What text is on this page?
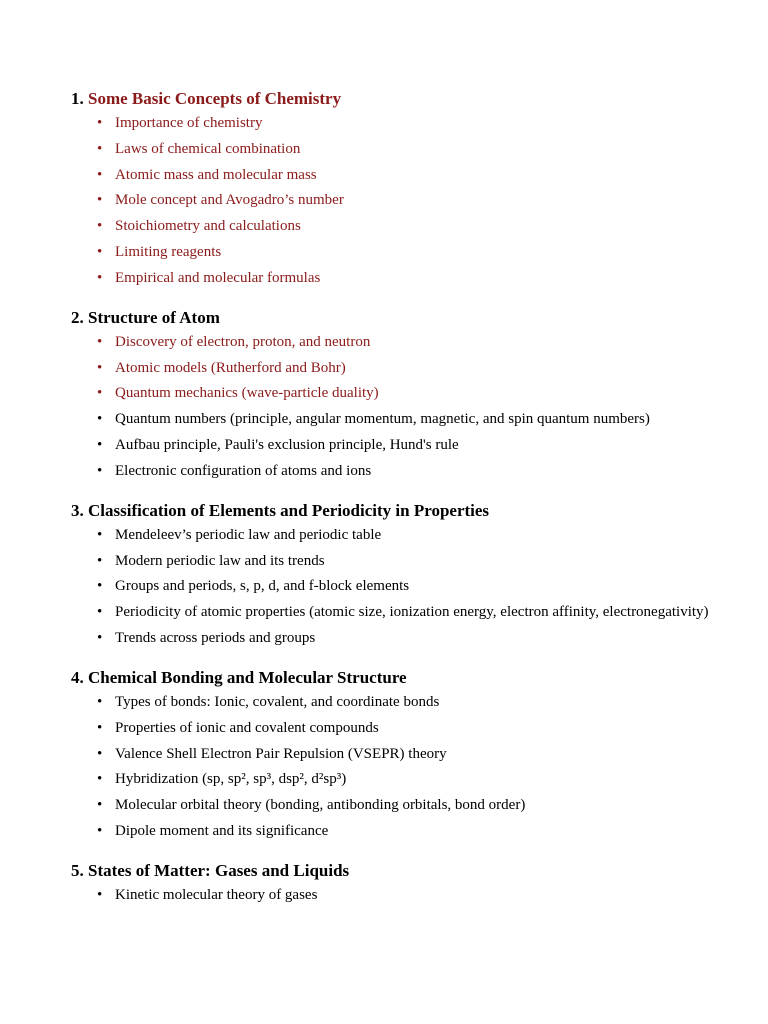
1. Some Basic Concepts of Chemistry
• Importance of chemistry
• Laws of chemical combination
• Atomic mass and molecular mass
• Mole concept and Avogadro’s number
• Stoichiometry and calculations
• Limiting reagents
• Empirical and molecular formulas
2. Structure of Atom
• Discovery of electron, proton, and neutron
• Atomic models (Rutherford and Bohr)
• Quantum mechanics (wave-particle duality)
• Quantum numbers (principle, angular momentum, magnetic, and spin quantum numbers)
• Aufbau principle, Pauli's exclusion principle, Hund's rule
• Electronic configuration of atoms and ions
3. Classification of Elements and Periodicity in Properties
• Mendeleev’s periodic law and periodic table
• Modern periodic law and its trends
• Groups and periods, s, p, d, and f-block elements
• Periodicity of atomic properties (atomic size, ionization energy, electron affinity, electronegativity)
• Trends across periods and groups
4. Chemical Bonding and Molecular Structure
• Types of bonds: Ionic, covalent, and coordinate bonds
• Properties of ionic and covalent compounds
• Valence Shell Electron Pair Repulsion (VSEPR) theory
• Hybridization (sp, sp², sp³, dsp², d²sp³)
• Molecular orbital theory (bonding, antibonding orbitals, bond order)
• Dipole moment and its significance
5. States of Matter: Gases and Liquids
• Kinetic molecular theory of gases
